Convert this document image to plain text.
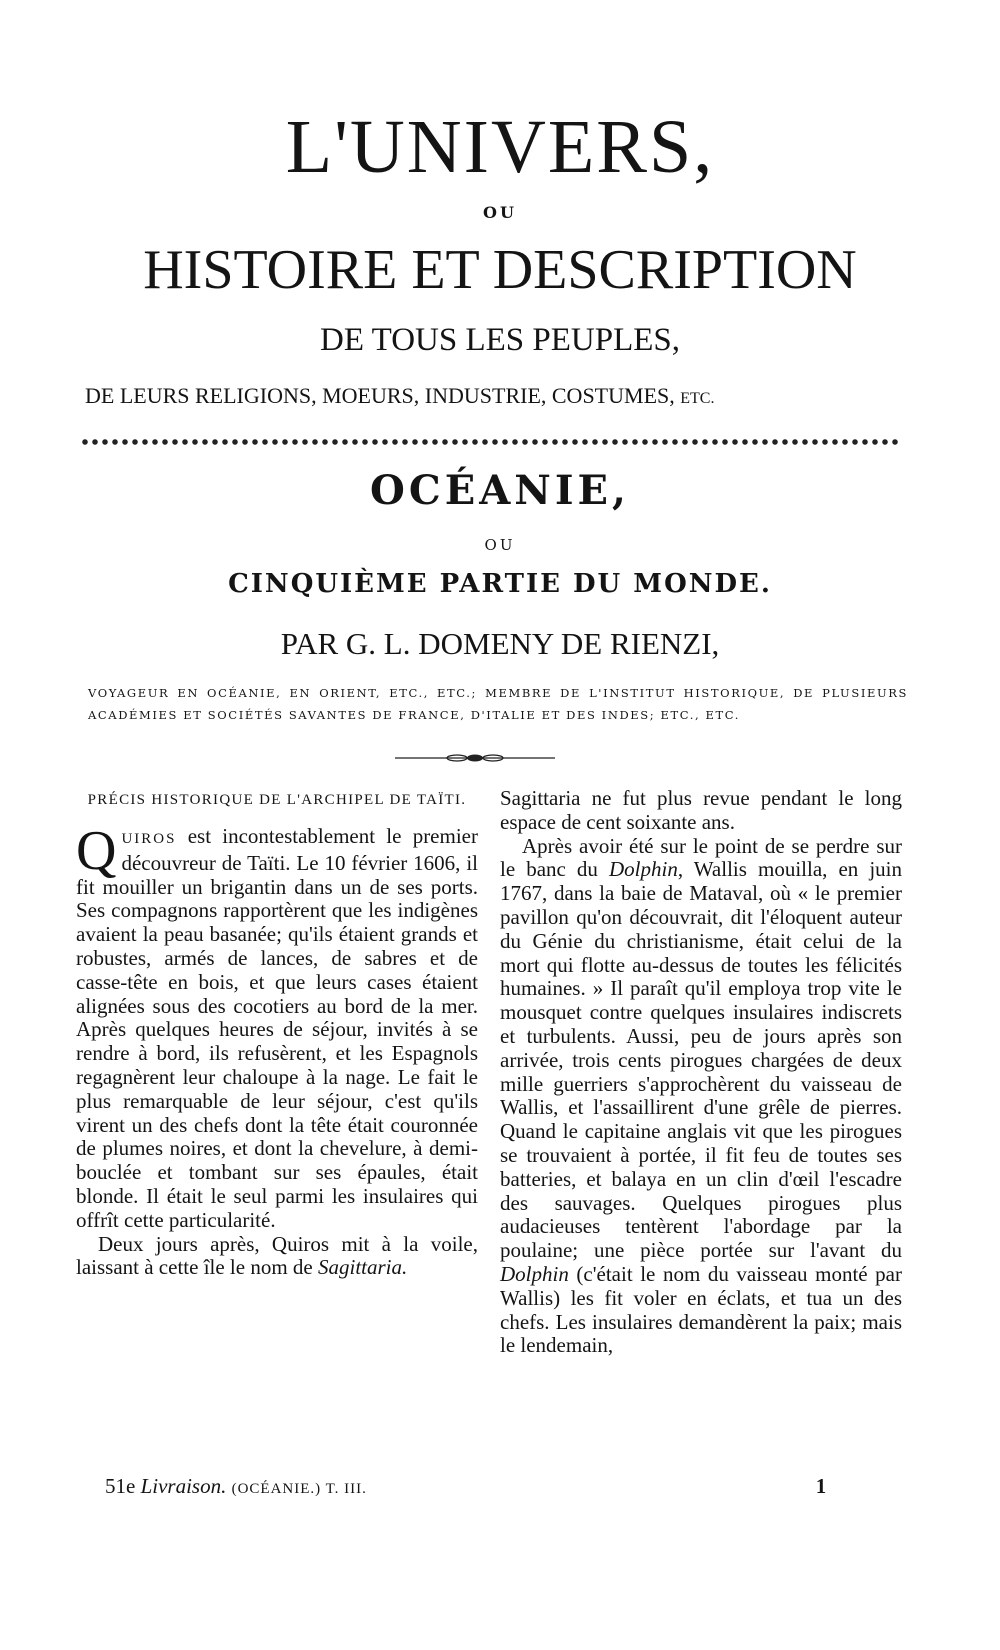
L'UNIVERS,
OU
HISTOIRE ET DESCRIPTION
DE TOUS LES PEUPLES,
DE LEURS RELIGIONS, MOEURS, INDUSTRIE, COSTUMES, ETC.
OCÉANIE,
OU
CINQUIÈME PARTIE DU MONDE.
PAR G. L. DOMENY DE RIENZI,
VOYAGEUR EN OCÉANIE, EN ORIENT, ETC., ETC.; MEMBRE DE L'INSTITUT HISTORIQUE, DE PLUSIEURS ACADÉMIES ET SOCIÉTÉS SAVANTES DE FRANCE, D'ITALIE ET DES INDES; ETC., ETC.
PRÉCIS HISTORIQUE DE L'ARCHIPEL DE TAÏTI.

QUIROS est incontestablement le premier découvreur de Taïti. Le 10 février 1606, il fit mouiller un brigantin dans un de ses ports. Ses compagnons rapportèrent que les indigènes avaient la peau basanée; qu'ils étaient grands et robustes, armés de lances, de sabres et de casse-tête en bois, et que leurs cases étaient alignées sous des cocotiers au bord de la mer. Après quelques heures de séjour, invités à se rendre à bord, ils refusèrent, et les Espagnols regagnèrent leur chaloupe à la nage. Le fait le plus remarquable de leur séjour, c'est qu'ils virent un des chefs dont la tête était couronnée de plumes noires, et dont la chevelure, à demi-bouclée et tombant sur ses épaules, était blonde. Il était le seul parmi les insulaires qui offrît cette particularité.

Deux jours après, Quiros mit à la voile, laissant à cette île le nom de Sagittaria.

Sagittaria ne fut plus revue pendant le long espace de cent soixante ans.

Après avoir été sur le point de se perdre sur le banc du Dolphin, Wallis mouilla, en juin 1767, dans la baie de Mataval, où « le premier pavillon qu'on découvrait, dit l'éloquent auteur du Génie du christianisme, était celui de la mort qui flotte au-dessus de toutes les félicités humaines. » Il paraît qu'il employa trop vite le mousquet contre quelques insulaires indiscrets et turbulents. Aussi, peu de jours après son arrivée, trois cents pirogues chargées de deux mille guerriers s'approchèrent du vaisseau de Wallis, et l'assaillirent d'une grêle de pierres. Quand le capitaine anglais vit que les pirogues se trouvaient à portée, il fit feu de toutes ses batteries, et balaya en un clin d'œil l'escadre des sauvages. Quelques pirogues plus audacieuses tentèrent l'abordage par la poulaine; une pièce portée sur l'avant du Dolphin (c'était le nom du vaisseau monté par Wallis) les fit voler en éclats, et tua un des chefs. Les insulaires demandèrent la paix; mais le lendemain,

51e Livraison. (OCÉANIE.) T. III.	1
